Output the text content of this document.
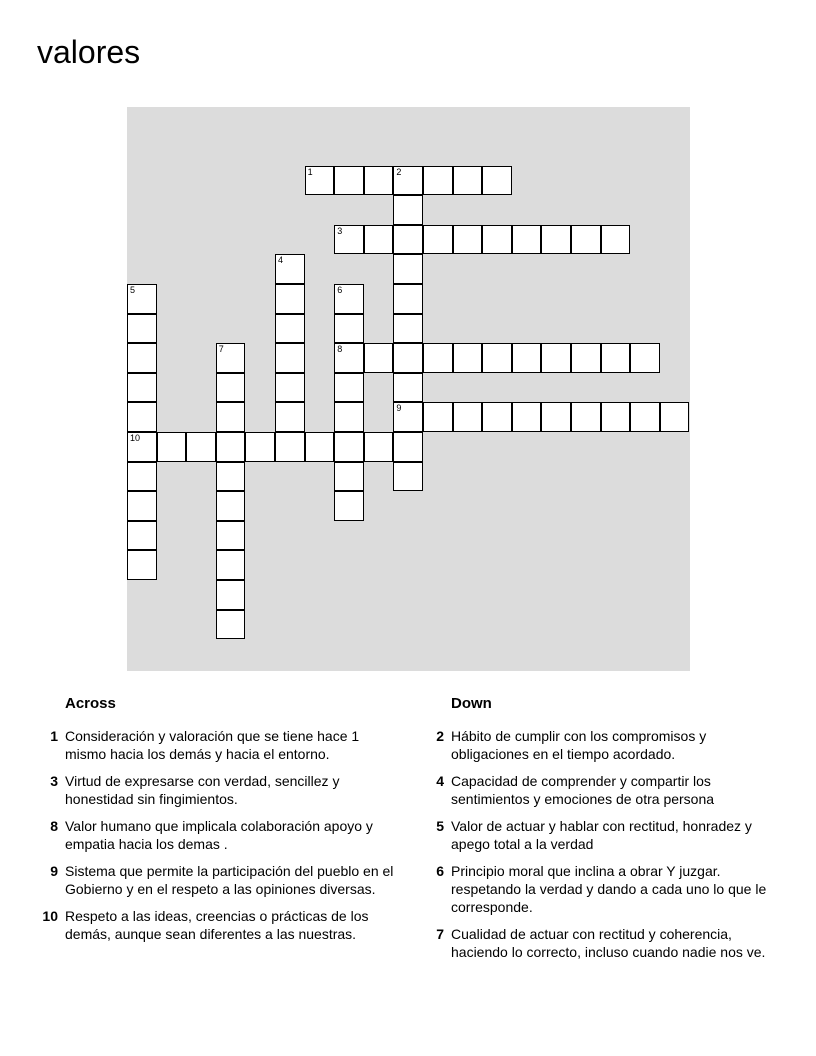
valores
1	2
9
3
4
5
10
6
8
7
Across
1 Consideración y valoración que se tiene hace 1 mismo hacia los demás y hacia el entorno.
3 Virtud de expresarse con verdad, sencillez y honestidad sin fingimientos.
8 Valor humano que implicala colaboración apoyo y empatia hacia los demas .
9 Sistema que permite la participación del pueblo en el Gobierno y en el respeto a las opiniones diversas.
10 Respeto a las ideas, creencias o prácticas de los demás, aunque sean diferentes a las nuestras.
Down
2 Hábito de cumplir con los compromisos y obligaciones en el tiempo acordado.
4 Capacidad de comprender y compartir los sentimientos y emociones de otra persona
5 Valor de actuar y hablar con rectitud, honradez y apego total a la verdad
6 Principio moral que inclina a obrar Y juzgar. respetando la verdad y dando a cada uno lo que le corresponde.
7 Cualidad de actuar con rectitud y coherencia, haciendo lo correcto, incluso cuando nadie nos ve.
